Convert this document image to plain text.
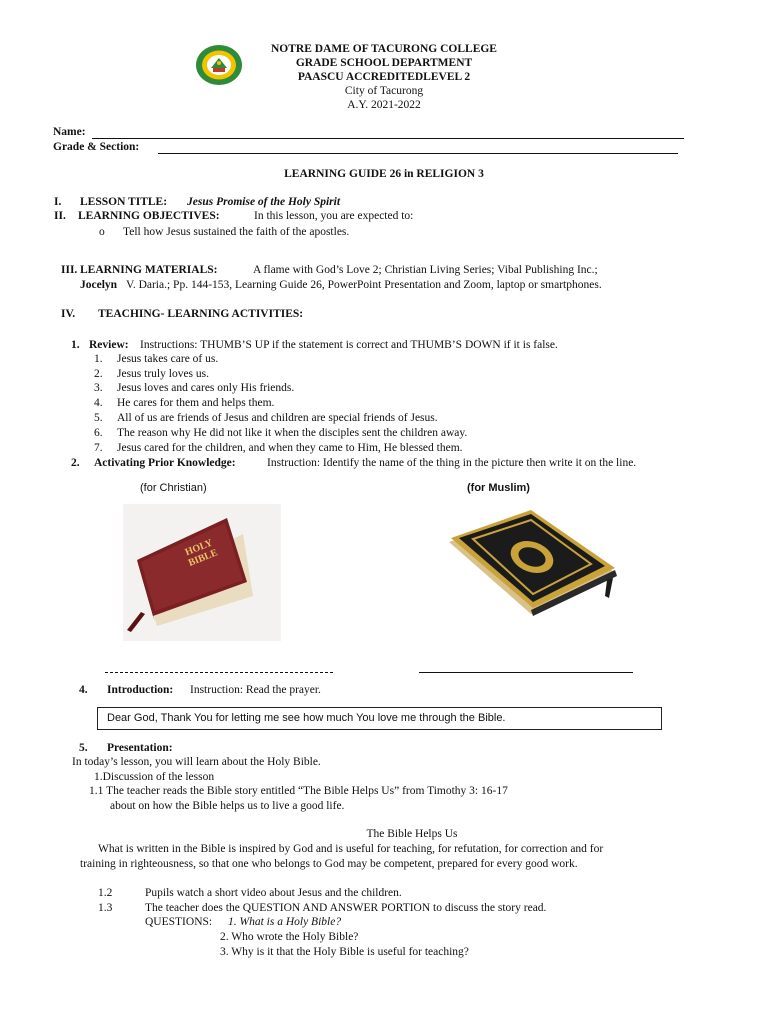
NOTRE DAME OF TACURONG COLLEGE
GRADE SCHOOL DEPARTMENT
PAASCU ACCREDITEDLEVEL 2
City of Tacurong
A.Y. 2021-2022
Name:
Grade & Section:
LEARNING GUIDE 26 in RELIGION 3
I. LESSON TITLE: Jesus Promise of the Holy Spirit
II. LEARNING OBJECTIVES:	In this lesson, you are expected to:
o Tell how Jesus sustained the faith of the apostles.
III. LEARNING MATERIALS:	A flame with God’s Love 2; Christian Living Series; Vibal Publishing Inc.;
Jocelyn V. Daria.; Pp. 144-153, Learning Guide 26, PowerPoint Presentation and Zoom, laptop or smartphones.
IV. TEACHING- LEARNING ACTIVITIES:
1. Review: Instructions: THUMB’S UP if the statement is correct and THUMB’S DOWN if it is false.
1. Jesus takes care of us.
2. Jesus truly loves us.
3. Jesus loves and cares only His friends.
4. He cares for them and helps them.
5. All of us are friends of Jesus and children are special friends of Jesus.
6. The reason why He did not like it when the disciples sent the children away.
7. Jesus cared for the children, and when they came to Him, He blessed them.
2. Activating Prior Knowledge:	Instruction: Identify the name of the thing in the picture then write it on the line.
(for Christian)	(for Muslim)
HOLY BIBLE
4. Introduction: Instruction: Read the prayer.
Dear God, Thank You for letting me see how much You love me through the Bible.
5. Presentation:
In today’s lesson, you will learn about the Holy Bible.
1.Discussion of the lesson
1.1 The teacher reads the Bible story entitled “The Bible Helps Us” from Timothy 3: 16-17
about on how the Bible helps us to live a good life.
The Bible Helps Us
What is written in the Bible is inspired by God and is useful for teaching, for refutation, for correction and for
training in righteousness, so that one who belongs to God may be competent, prepared for every good work.
1.2	Pupils watch a short video about Jesus and the children.
1.3	The teacher does the QUESTION AND ANSWER PORTION to discuss the story read.
QUESTIONS: 1. What is a Holy Bible?
2. Who wrote the Holy Bible?
3. Why is it that the Holy Bible is useful for teaching?
